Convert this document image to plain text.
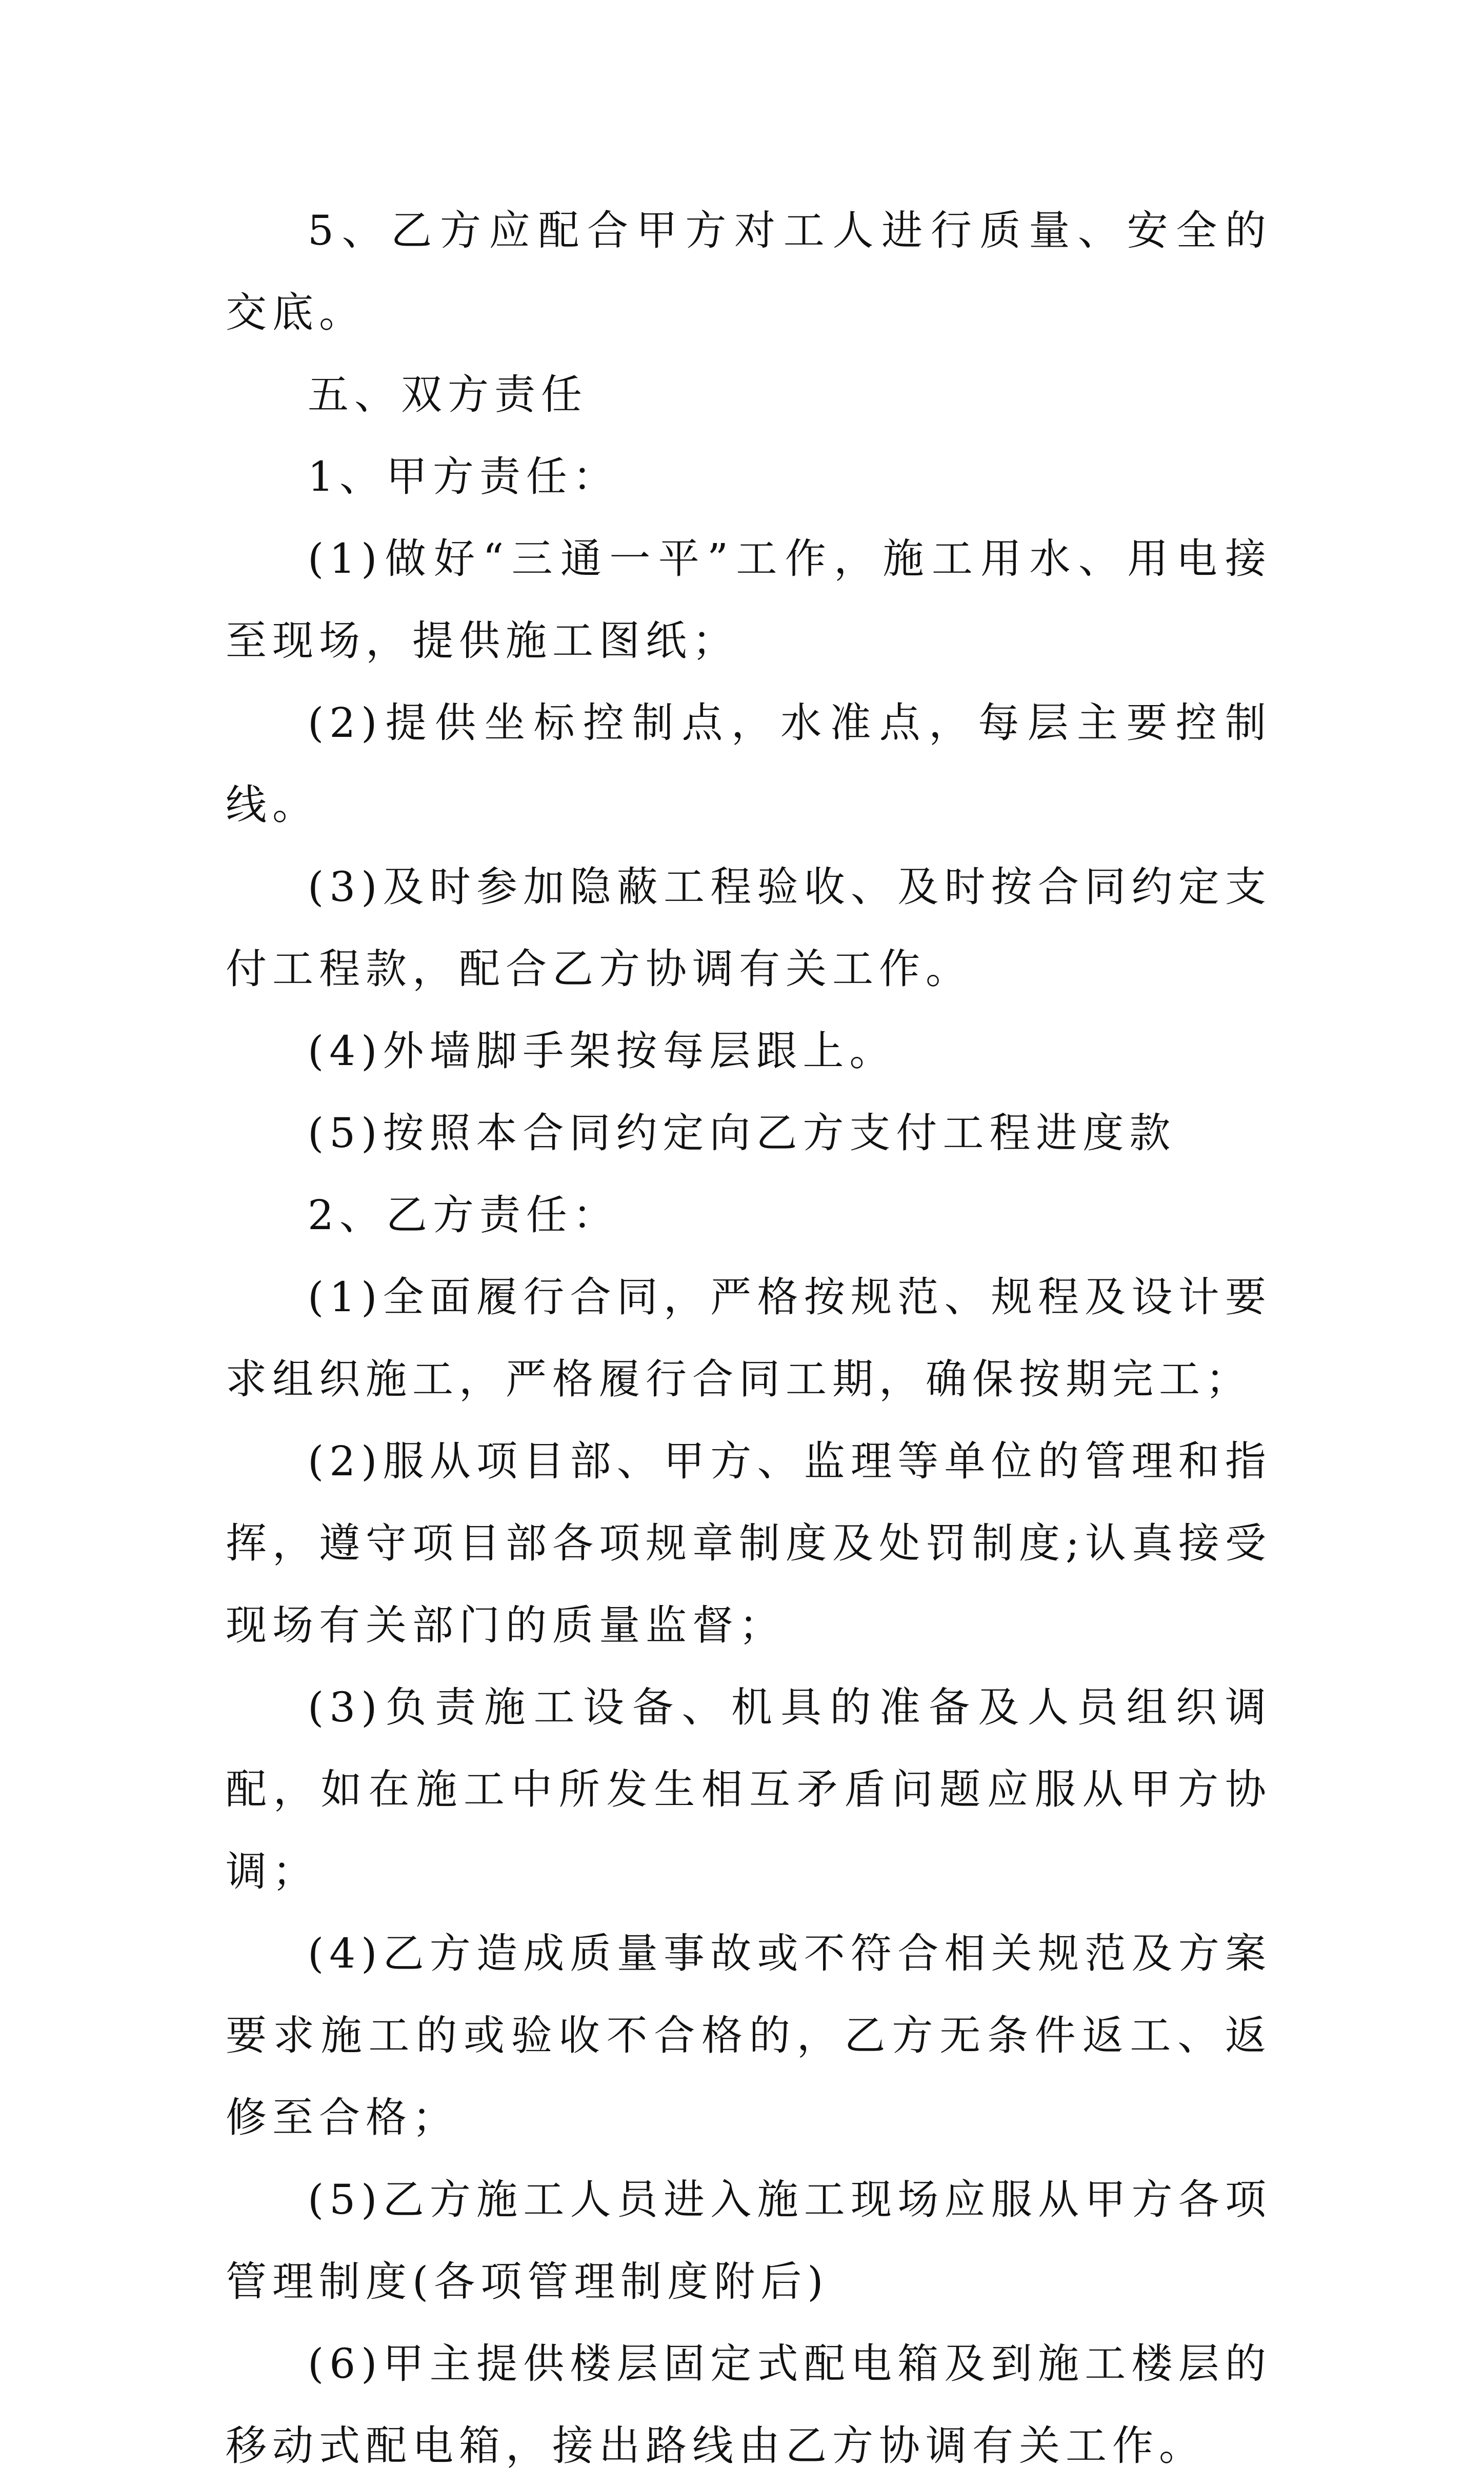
5、乙方应配合甲方对工人进行质量、安全的交底。

五、双方责任

1、甲方责任：

(1)做好“三通一平”工作，施工用水、用电接至现场，提供施工图纸；

(2)提供坐标控制点，水准点，每层主要控制线。

(3)及时参加隐蔽工程验收、及时按合同约定支付工程款，配合乙方协调有关工作。

(4)外墙脚手架按每层跟上。

(5)按照本合同约定向乙方支付工程进度款

2、乙方责任：

(1)全面履行合同，严格按规范、规程及设计要求组织施工，严格履行合同工期，确保按期完工；

(2)服从项目部、甲方、监理等单位的管理和指挥，遵守项目部各项规章制度及处罚制度;认真接受现场有关部门的质量监督；

(3)负责施工设备、机具的准备及人员组织调配，如在施工中所发生相互矛盾问题应服从甲方协调；

(4)乙方造成质量事故或不符合相关规范及方案要求施工的或验收不合格的，乙方无条件返工、返修至合格；

(5)乙方施工人员进入施工现场应服从甲方各项管理制度(各项管理制度附后)

(6)甲主提供楼层固定式配电箱及到施工楼层的移动式配电箱，接出路线由乙方协调有关工作。
